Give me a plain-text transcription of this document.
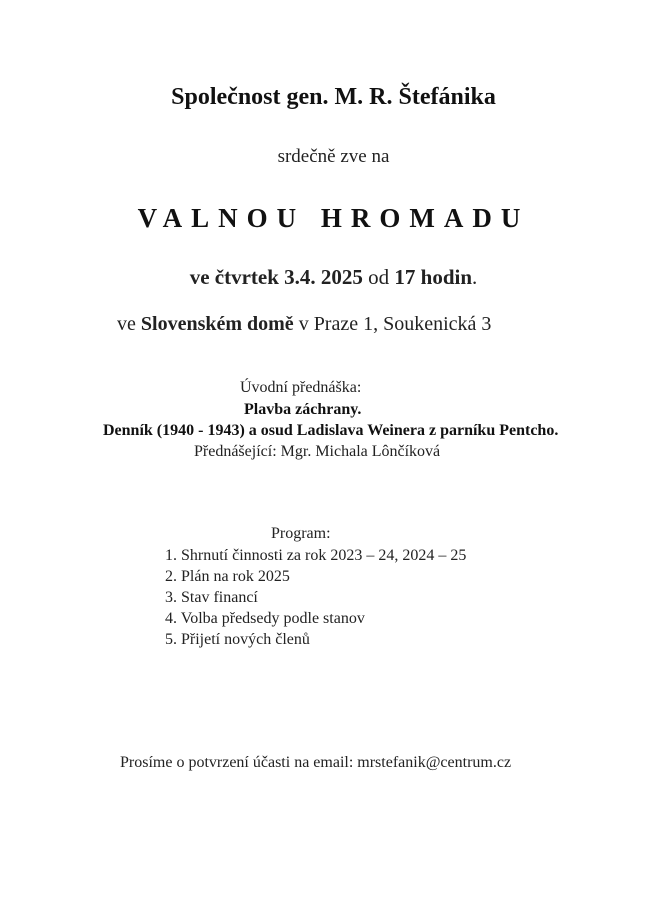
Společnost gen. M. R. Štefánika
srdečně zve na
VALNOU HROMADU
ve čtvrtek 3.4. 2025 od 17 hodin.
ve Slovenském domě v Praze 1, Soukenická 3
Úvodní přednáška:
Plavba záchrany.
Denník (1940 - 1943) a osud Ladislava Weinera z parníku Pentcho.
Přednášející: Mgr. Michala Lônčíková
Program:
1. Shrnutí činnosti za rok 2023 – 24, 2024 – 25
2. Plán na rok 2025
3. Stav financí
4. Volba předsedy podle stanov
5. Přijetí nových členů
Prosíme o potvrzení účasti na email: mrstefanik@centrum.cz
